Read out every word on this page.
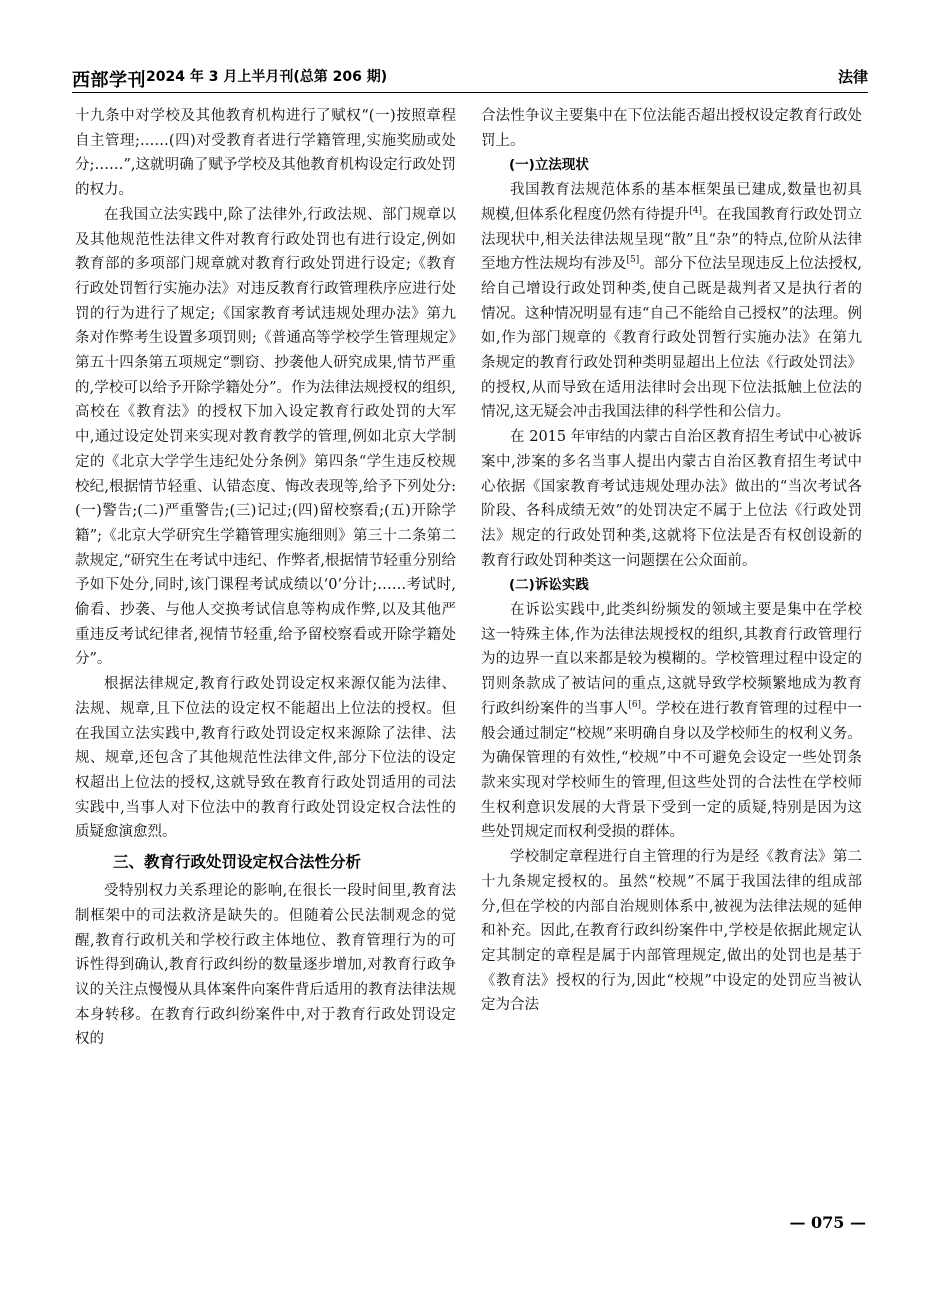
西部学刊 2024 年 3 月上半月刊(总第 206 期)	法律

十九条中对学校及其他教育机构进行了赋权“(一)按照章程自主管理;……(四)对受教育者进行学籍管理,实施奖励或处分;……”,这就明确了赋予学校及其他教育机构设定行政处罚的权力。

在我国立法实践中,除了法律外,行政法规、部门规章以及其他规范性法律文件对教育行政处罚也有进行设定,例如教育部的多项部门规章就对教育行政处罚进行设定;《教育行政处罚暂行实施办法》对违反教育行政管理秩序应进行处罚的行为进行了规定;《国家教育考试违规处理办法》第九条对作弊考生设置多项罚则;《普通高等学校学生管理规定》第五十四条第五项规定“剽窃、抄袭他人研究成果,情节严重的,学校可以给予开除学籍处分”。作为法律法规授权的组织,高校在《教育法》的授权下加入设定教育行政处罚的大军中,通过设定处罚来实现对教育教学的管理,例如北京大学制定的《北京大学学生违纪处分条例》第四条“学生违反校规校纪,根据情节轻重、认错态度、悔改表现等,给予下列处分:(一)警告;(二)严重警告;(三)记过;(四)留校察看;(五)开除学籍”;《北京大学研究生学籍管理实施细则》第三十二条第二款规定,“研究生在考试中违纪、作弊者,根据情节轻重分别给予如下处分,同时,该门课程考试成绩以‘0’分计;……考试时,偷看、抄袭、与他人交换考试信息等构成作弊,以及其他严重违反考试纪律者,视情节轻重,给予留校察看或开除学籍处分”。

根据法律规定,教育行政处罚设定权来源仅能为法律、法规、规章,且下位法的设定权不能超出上位法的授权。但在我国立法实践中,教育行政处罚设定权来源除了法律、法规、规章,还包含了其他规范性法律文件,部分下位法的设定权超出上位法的授权,这就导致在教育行政处罚适用的司法实践中,当事人对下位法中的教育行政处罚设定权合法性的质疑愈演愈烈。

三、教育行政处罚设定权合法性分析

受特别权力关系理论的影响,在很长一段时间里,教育法制框架中的司法救济是缺失的。但随着公民法制观念的觉醒,教育行政机关和学校行政主体地位、教育管理行为的可诉性得到确认,教育行政纠纷的数量逐步增加,对教育行政争议的关注点慢慢从具体案件向案件背后适用的教育法律法规本身转移。在教育行政纠纷案件中,对于教育行政处罚设定权的

合法性争议主要集中在下位法能否超出授权设定教育行政处罚上。

(一)立法现状

我国教育法规范体系的基本框架虽已建成,数量也初具规模,但体系化程度仍然有待提升[4]。在我国教育行政处罚立法现状中,相关法律法规呈现“散”且“杂”的特点,位阶从法律至地方性法规均有涉及[5]。部分下位法呈现违反上位法授权,给自己增设行政处罚种类,使自己既是裁判者又是执行者的情况。这种情况明显有违“自己不能给自己授权”的法理。例如,作为部门规章的《教育行政处罚暂行实施办法》在第九条规定的教育行政处罚种类明显超出上位法《行政处罚法》的授权,从而导致在适用法律时会出现下位法抵触上位法的情况,这无疑会冲击我国法律的科学性和公信力。

在 2015 年审结的内蒙古自治区教育招生考试中心被诉案中,涉案的多名当事人提出内蒙古自治区教育招生考试中心依据《国家教育考试违规处理办法》做出的“当次考试各阶段、各科成绩无效”的处罚决定不属于上位法《行政处罚法》规定的行政处罚种类,这就将下位法是否有权创设新的教育行政处罚种类这一问题摆在公众面前。

(二)诉讼实践

在诉讼实践中,此类纠纷频发的领域主要是集中在学校这一特殊主体,作为法律法规授权的组织,其教育行政管理行为的边界一直以来都是较为模糊的。学校管理过程中设定的罚则条款成了被诘问的重点,这就导致学校频繁地成为教育行政纠纷案件的当事人[6]。学校在进行教育管理的过程中一般会通过制定“校规”来明确自身以及学校师生的权利义务。为确保管理的有效性,“校规”中不可避免会设定一些处罚条款来实现对学校师生的管理,但这些处罚的合法性在学校师生权利意识发展的大背景下受到一定的质疑,特别是因为这些处罚规定而权利受损的群体。

学校制定章程进行自主管理的行为是经《教育法》第二十九条规定授权的。虽然“校规”不属于我国法律的组成部分,但在学校的内部自治规则体系中,被视为法律法规的延伸和补充。因此,在教育行政纠纷案件中,学校是依据此规定认定其制定的章程是属于内部管理规定,做出的处罚也是基于《教育法》授权的行为,因此“校规”中设定的处罚应当被认定为合法

— 075 —
